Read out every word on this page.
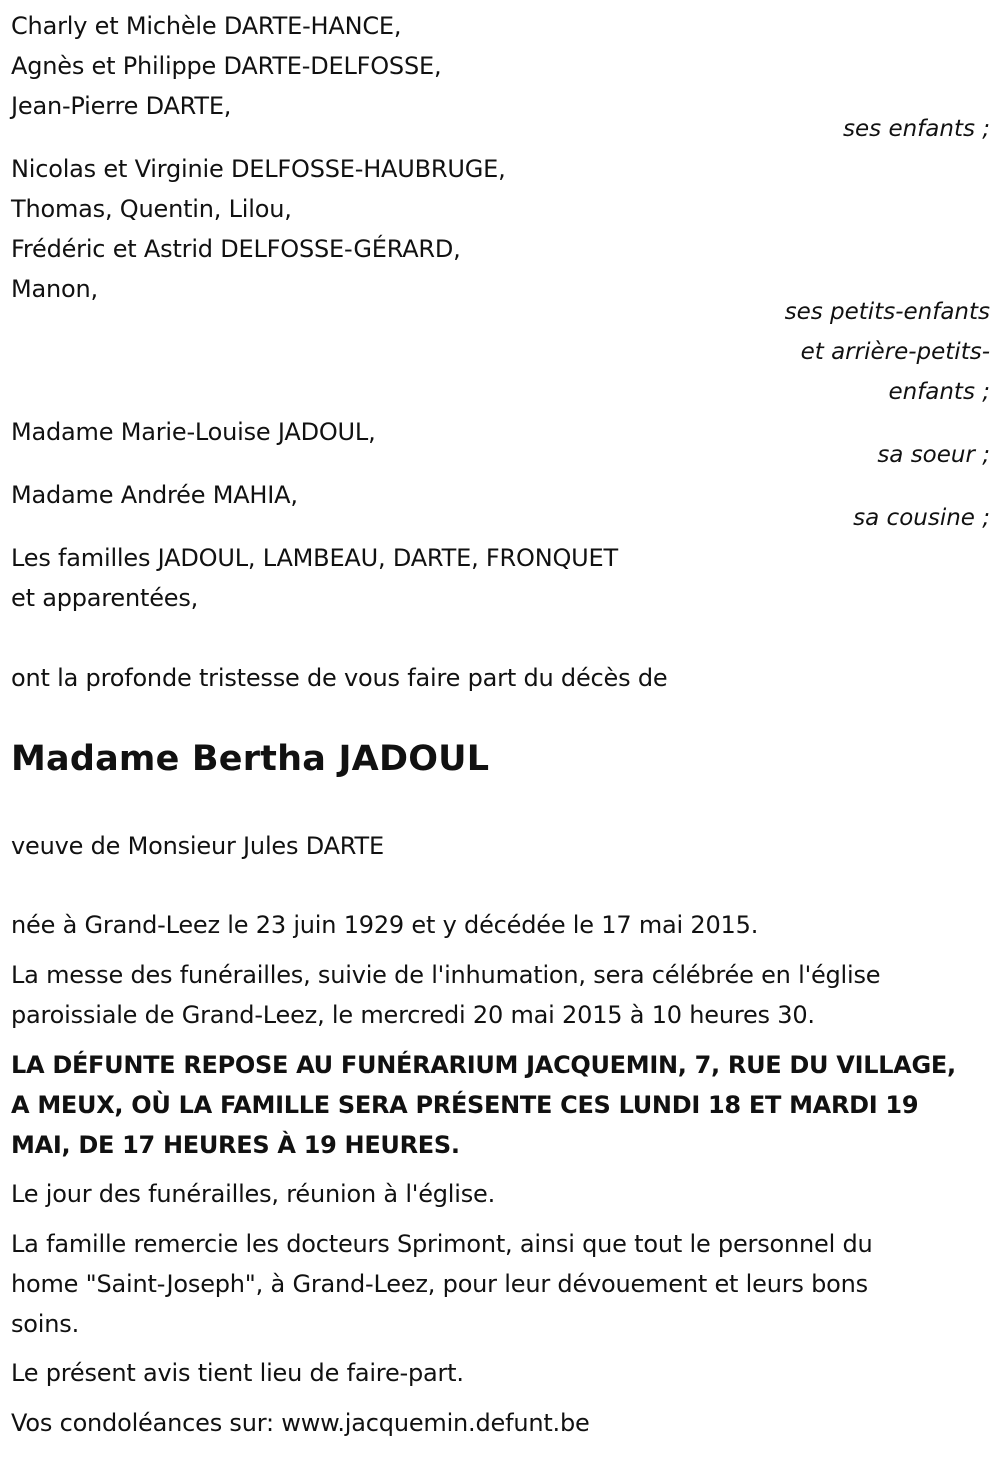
Charly et Michèle DARTE-HANCE,
Agnès et Philippe DARTE-DELFOSSE,
Jean-Pierre DARTE,
ses enfants ;
Nicolas et Virginie DELFOSSE-HAUBRUGE,
Thomas, Quentin, Lilou,
Frédéric et Astrid DELFOSSE-GÉRARD,
Manon,
ses petits-enfants
et arrière-petits-
enfants ;
Madame Marie-Louise JADOUL,
sa soeur ;
Madame Andrée MAHIA,
sa cousine ;
Les familles JADOUL, LAMBEAU, DARTE, FRONQUET
et apparentées,
ont la profonde tristesse de vous faire part du décès de
Madame Bertha JADOUL
veuve de Monsieur Jules DARTE
née à Grand-Leez le 23 juin 1929 et y décédée le 17 mai 2015.
La messe des funérailles, suivie de l'inhumation, sera célébrée en l'église
paroissiale de Grand-Leez, le mercredi 20 mai 2015 à 10 heures 30.
LA DÉFUNTE REPOSE AU FUNÉRARIUM JACQUEMIN, 7, RUE DU VILLAGE,
A MEUX, OÙ LA FAMILLE SERA PRÉSENTE CES LUNDI 18 ET MARDI 19
MAI, DE 17 HEURES À 19 HEURES.
Le jour des funérailles, réunion à l'église.
La famille remercie les docteurs Sprimont, ainsi que tout le personnel du
home "Saint-Joseph", à Grand-Leez, pour leur dévouement et leurs bons
soins.
Le présent avis tient lieu de faire-part.
Vos condoléances sur: www.jacquemin.defunt.be
